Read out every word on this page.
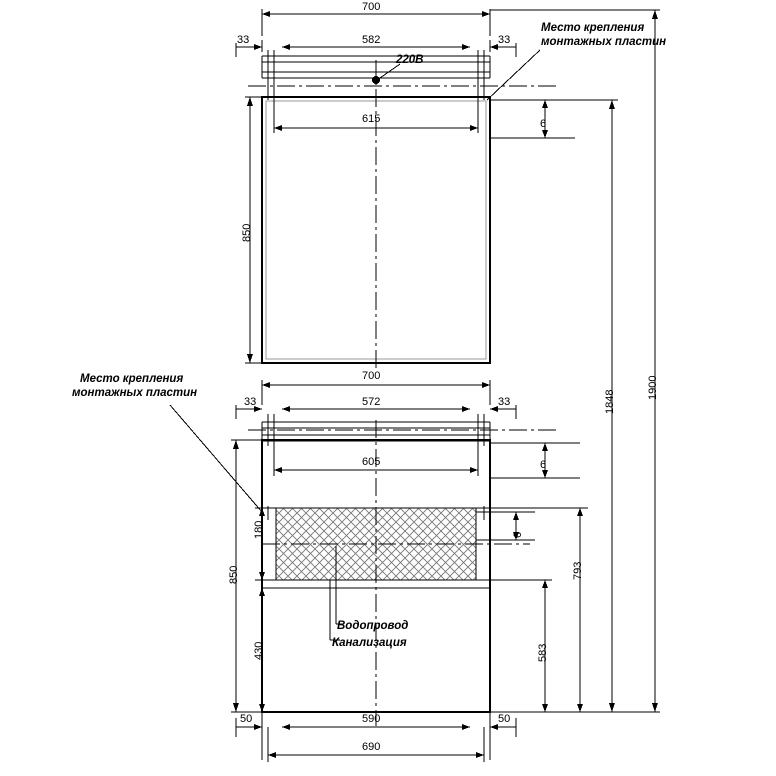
700
33	582	33
220В
Место крепления
монтажных пластин
615	6
850
1900
1848
Место крепления
монтажных пластин
700
33	572	33
605	6
6
180
850
430	583
793
Водопровод
Канализация
50	590	50
690
